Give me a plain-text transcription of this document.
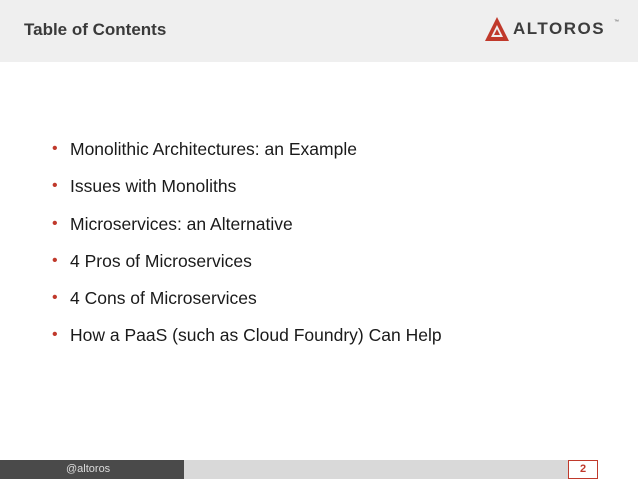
Table of Contents	ALTOROS ™
• Monolithic Architectures: an Example
• Issues with Monoliths
• Microservices: an Alternative
• 4 Pros of Microservices
• 4 Cons of Microservices
• How a PaaS (such as Cloud Foundry) Can Help
@altoros	2
